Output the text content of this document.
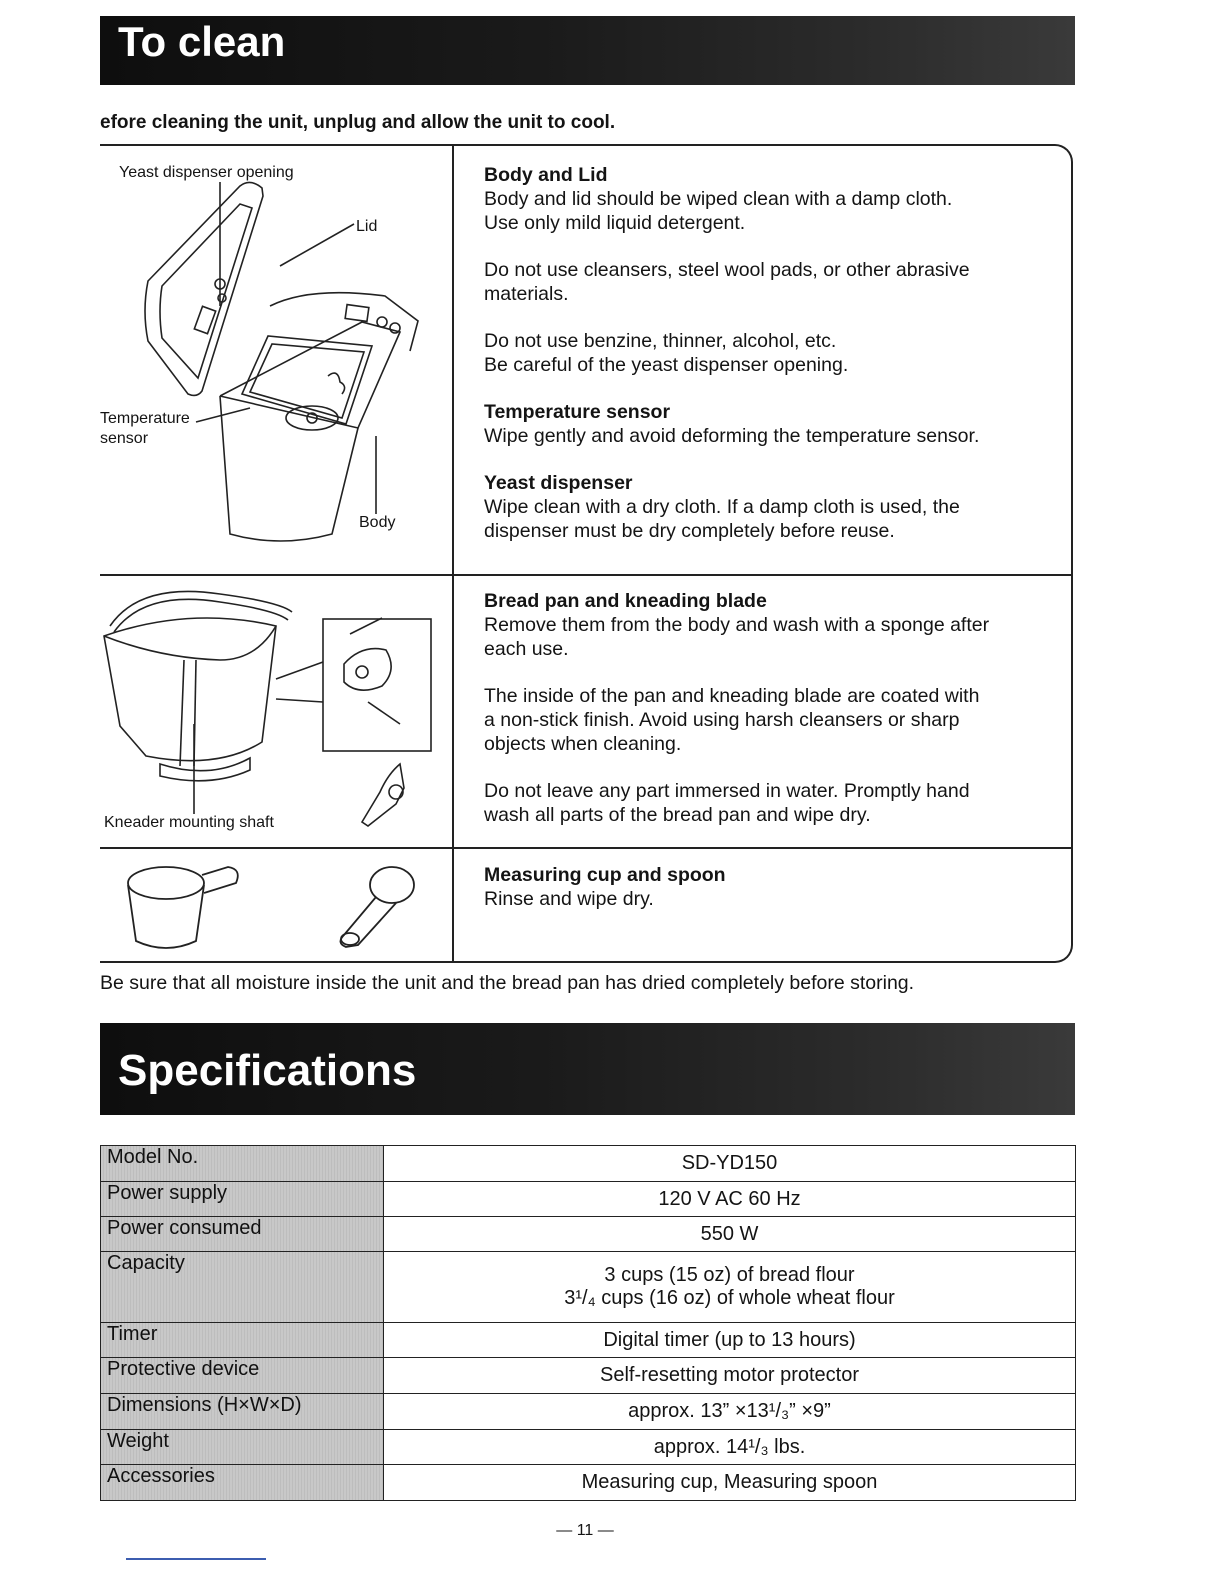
To clean
efore cleaning the unit, unplug and allow the unit to cool.
Yeast dispenser opening
Lid
Temperature
sensor
Body
Kneader mounting shaft

Body and Lid
Body and lid should be wiped clean with a damp cloth.
Use only mild liquid detergent.

Do not use cleansers, steel wool pads, or other abrasive
materials.

Do not use benzine, thinner, alcohol, etc.
Be careful of the yeast dispenser opening.

Temperature sensor
Wipe gently and avoid deforming the temperature sensor.

Yeast dispenser
Wipe clean with a dry cloth. If a damp cloth is used, the
dispenser must be dry completely before reuse.

Bread pan and kneading blade
Remove them from the body and wash with a sponge after
each use.

The inside of the pan and kneading blade are coated with
a non-stick finish. Avoid using harsh cleansers or sharp
objects when cleaning.

Do not leave any part immersed in water. Promptly hand
wash all parts of the bread pan and wipe dry.

Measuring cup and spoon
Rinse and wipe dry.

Be sure that all moisture inside the unit and the bread pan has dried completely before storing.
Specifications
Model No.	SD-YD150
Power supply	120 V AC 60 Hz
Power consumed	550 W
Capacity	3 cups (15 oz) of bread flour
3¹/₄ cups (16 oz) of whole wheat flour
Timer	Digital timer (up to 13 hours)
Protective device	Self-resetting motor protector
Dimensions (H×W×D)	approx. 13” ×13¹/₃” ×9”
Weight	approx. 14¹/₃ lbs.
Accessories	Measuring cup, Measuring spoon
— 11 —
